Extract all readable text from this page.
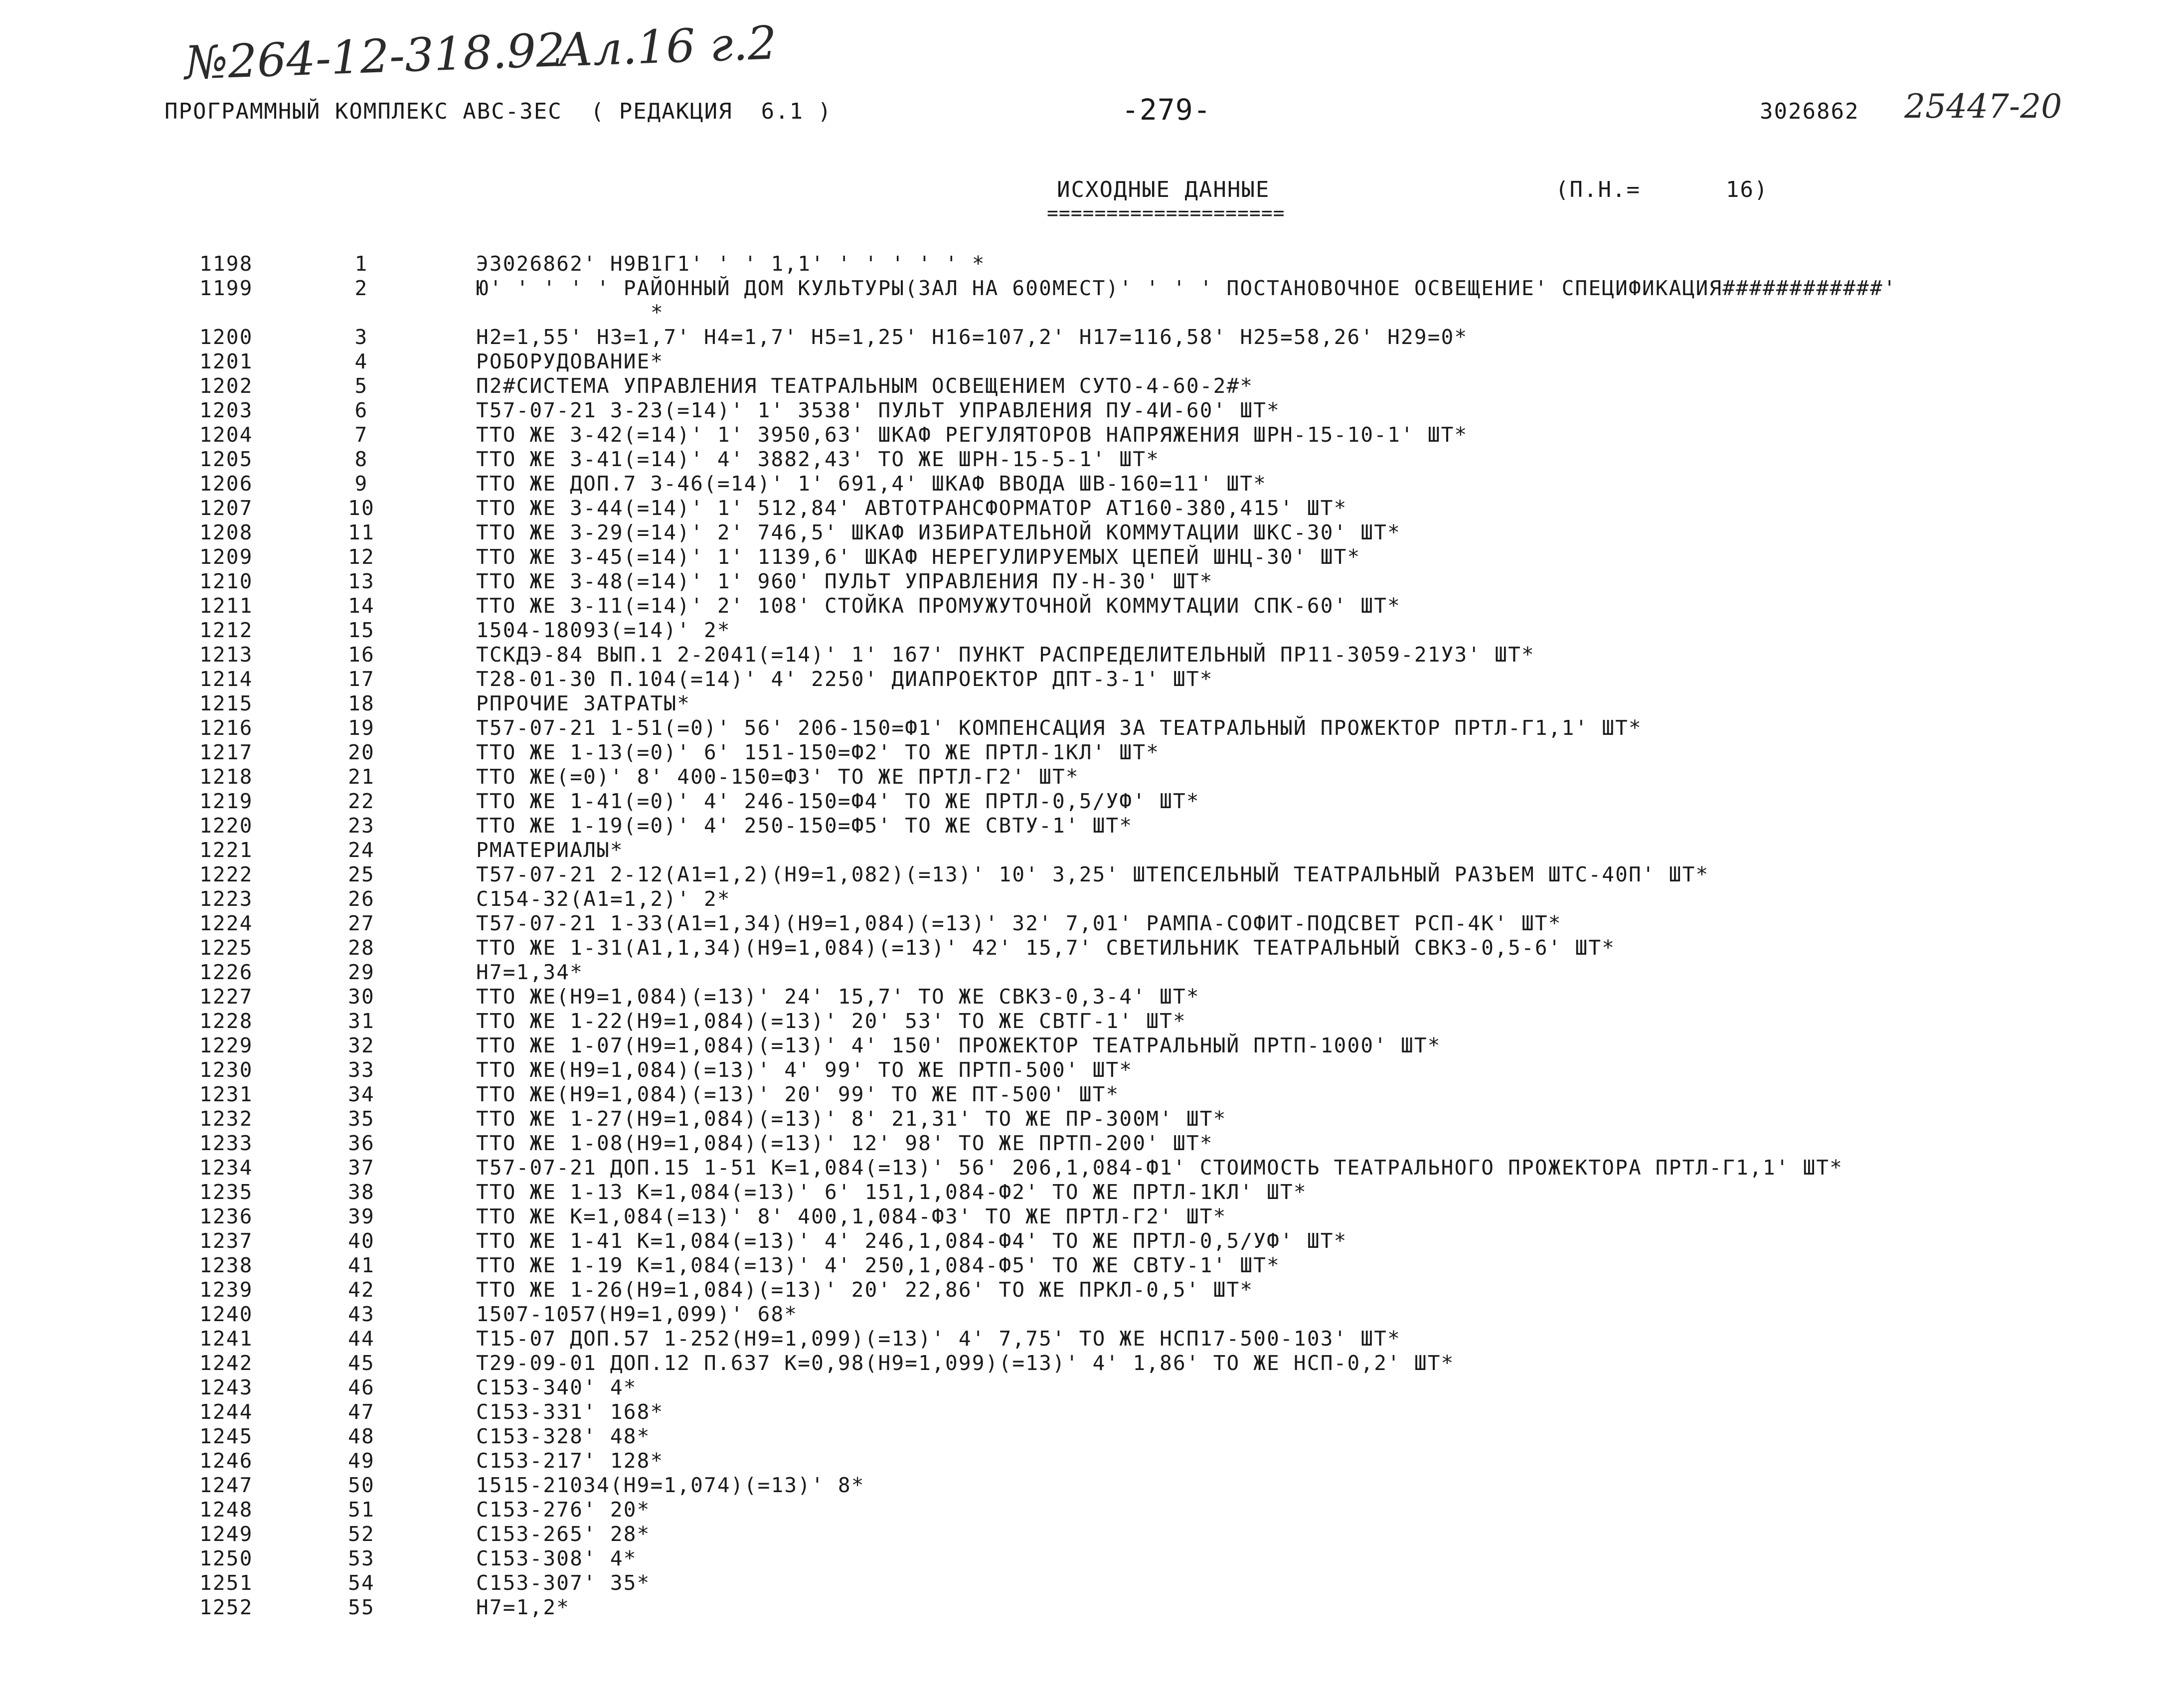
№264-12-318.92
Ал.16 г.2
25447-20
ПРОГРАММНЫЙ КОМПЛЕКС АВС-3ЕС  ( РЕДАКЦИЯ  6.1 )	-279-	3026862
ИСХОДНЫЕ ДАННЫЕ
====================
(П.Н.=      16)
1198	1	Э3026862' Н9В1Г1' ' ' 1,1' ' ' ' ' ' *
1199	2	Ю' ' ' ' ' РАЙОННЫЙ ДОМ КУЛЬТУРЫ(ЗАЛ НА 600МЕСТ)' ' ' ' ПОСТАНОВОЧНОЕ ОСВЕЩЕНИЕ' СПЕЦИФИКАЦИЯ############'
*
1200	3	Н2=1,55' Н3=1,7' Н4=1,7' Н5=1,25' Н16=107,2' Н17=116,58' Н25=58,26' Н29=0*
1201	4	РОБОРУДОВАНИЕ*
1202	5	П2#СИСТЕМА УПРАВЛЕНИЯ ТЕАТРАЛЬНЫМ ОСВЕЩЕНИЕМ СУТО-4-60-2#*
1203	6	Т57-07-21 3-23(=14)' 1' 3538' ПУЛЬТ УПРАВЛЕНИЯ ПУ-4И-60' ШТ*
1204	7	ТТО ЖЕ 3-42(=14)' 1' 3950,63' ШКАФ РЕГУЛЯТОРОВ НАПРЯЖЕНИЯ ШРН-15-10-1' ШТ*
1205	8	ТТО ЖЕ 3-41(=14)' 4' 3882,43' ТО ЖЕ ШРН-15-5-1' ШТ*
1206	9	ТТО ЖЕ ДОП.7 3-46(=14)' 1' 691,4' ШКАФ ВВОДА ШВ-160=11' ШТ*
1207	10	ТТО ЖЕ 3-44(=14)' 1' 512,84' АВТОТРАНСФОРМАТОР АТ160-380,415' ШТ*
1208	11	ТТО ЖЕ 3-29(=14)' 2' 746,5' ШКАФ ИЗБИРАТЕЛЬНОЙ КОММУТАЦИИ ШКС-30' ШТ*
1209	12	ТТО ЖЕ 3-45(=14)' 1' 1139,6' ШКАФ НЕРЕГУЛИРУЕМЫХ ЦЕПЕЙ ШНЦ-30' ШТ*
1210	13	ТТО ЖЕ 3-48(=14)' 1' 960' ПУЛЬТ УПРАВЛЕНИЯ ПУ-Н-30' ШТ*
1211	14	ТТО ЖЕ 3-11(=14)' 2' 108' СТОЙКА ПРОМУЖУТОЧНОЙ КОММУТАЦИИ СПК-60' ШТ*
1212	15	1504-18093(=14)' 2*
1213	16	ТСКДЭ-84 ВЫП.1 2-2041(=14)' 1' 167' ПУНКТ РАСПРЕДЕЛИТЕЛЬНЫЙ ПР11-3059-21У3' ШТ*
1214	17	Т28-01-30 П.104(=14)' 4' 2250' ДИАПРОЕКТОР ДПТ-3-1' ШТ*
1215	18	РПРОЧИЕ ЗАТРАТЫ*
1216	19	Т57-07-21 1-51(=0)' 56' 206-150=Ф1' КОМПЕНСАЦИЯ ЗА ТЕАТРАЛЬНЫЙ ПРОЖЕКТОР ПРТЛ-Г1,1' ШТ*
1217	20	ТТО ЖЕ 1-13(=0)' 6' 151-150=Ф2' ТО ЖЕ ПРТЛ-1КЛ' ШТ*
1218	21	ТТО ЖЕ(=0)' 8' 400-150=Ф3' ТО ЖЕ ПРТЛ-Г2' ШТ*
1219	22	ТТО ЖЕ 1-41(=0)' 4' 246-150=Ф4' ТО ЖЕ ПРТЛ-0,5/УФ' ШТ*
1220	23	ТТО ЖЕ 1-19(=0)' 4' 250-150=Ф5' ТО ЖЕ СВТУ-1' ШТ*
1221	24	РМАТЕРИАЛЫ*
1222	25	Т57-07-21 2-12(А1=1,2)(Н9=1,082)(=13)' 10' 3,25' ШТЕПСЕЛЬНЫЙ ТЕАТРАЛЬНЫЙ РАЗЪЕМ ШТС-40П' ШТ*
1223	26	С154-32(А1=1,2)' 2*
1224	27	Т57-07-21 1-33(А1=1,34)(Н9=1,084)(=13)' 32' 7,01' РАМПА-СОФИТ-ПОДСВЕТ РСП-4К' ШТ*
1225	28	ТТО ЖЕ 1-31(А1,1,34)(Н9=1,084)(=13)' 42' 15,7' СВЕТИЛЬНИК ТЕАТРАЛЬНЫЙ СВКЗ-0,5-6' ШТ*
1226	29	Н7=1,34*
1227	30	ТТО ЖЕ(Н9=1,084)(=13)' 24' 15,7' ТО ЖЕ СВКЗ-0,3-4' ШТ*
1228	31	ТТО ЖЕ 1-22(Н9=1,084)(=13)' 20' 53' ТО ЖЕ СВТГ-1' ШТ*
1229	32	ТТО ЖЕ 1-07(Н9=1,084)(=13)' 4' 150' ПРОЖЕКТОР ТЕАТРАЛЬНЫЙ ПРТП-1000' ШТ*
1230	33	ТТО ЖЕ(Н9=1,084)(=13)' 4' 99' ТО ЖЕ ПРТП-500' ШТ*
1231	34	ТТО ЖЕ(Н9=1,084)(=13)' 20' 99' ТО ЖЕ ПТ-500' ШТ*
1232	35	ТТО ЖЕ 1-27(Н9=1,084)(=13)' 8' 21,31' ТО ЖЕ ПР-300М' ШТ*
1233	36	ТТО ЖЕ 1-08(Н9=1,084)(=13)' 12' 98' ТО ЖЕ ПРТП-200' ШТ*
1234	37	Т57-07-21 ДОП.15 1-51 К=1,084(=13)' 56' 206,1,084-Ф1' СТОИМОСТЬ ТЕАТРАЛЬНОГО ПРОЖЕКТОРА ПРТЛ-Г1,1' ШТ*
1235	38	ТТО ЖЕ 1-13 К=1,084(=13)' 6' 151,1,084-Ф2' ТО ЖЕ ПРТЛ-1КЛ' ШТ*
1236	39	ТТО ЖЕ К=1,084(=13)' 8' 400,1,084-Ф3' ТО ЖЕ ПРТЛ-Г2' ШТ*
1237	40	ТТО ЖЕ 1-41 К=1,084(=13)' 4' 246,1,084-Ф4' ТО ЖЕ ПРТЛ-0,5/УФ' ШТ*
1238	41	ТТО ЖЕ 1-19 К=1,084(=13)' 4' 250,1,084-Ф5' ТО ЖЕ СВТУ-1' ШТ*
1239	42	ТТО ЖЕ 1-26(Н9=1,084)(=13)' 20' 22,86' ТО ЖЕ ПРКЛ-0,5' ШТ*
1240	43	1507-1057(Н9=1,099)' 68*
1241	44	Т15-07 ДОП.57 1-252(Н9=1,099)(=13)' 4' 7,75' ТО ЖЕ НСП17-500-103' ШТ*
1242	45	Т29-09-01 ДОП.12 П.637 К=0,98(Н9=1,099)(=13)' 4' 1,86' ТО ЖЕ НСП-0,2' ШТ*
1243	46	С153-340' 4*
1244	47	С153-331' 168*
1245	48	С153-328' 48*
1246	49	С153-217' 128*
1247	50	1515-21034(Н9=1,074)(=13)' 8*
1248	51	С153-276' 20*
1249	52	С153-265' 28*
1250	53	С153-308' 4*
1251	54	С153-307' 35*
1252	55	Н7=1,2*
